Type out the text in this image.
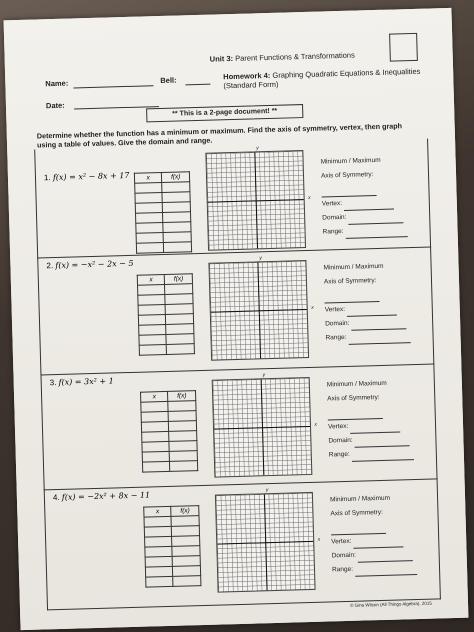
Unit 3: Parent Functions & Transformations
Name:	Bell:
Date:
Homework 4: Graphing Quadratic Equations & Inequalities (Standard Form)
** This is a 2-page document! **
Determine whether the function has a minimum or maximum. Find the axis of symmetry, vertex, then graph using a table of values. Give the domain and range.
1. f(x) = x² − 8x + 17	x	f(x)

x
y
Minimum / Maximum
Axis of Symmetry:
Vertex:
Domain:
Range:
2. f(x) = −x² − 2x − 5
x	f(x)

x
y
Minimum / Maximum
Axis of Symmetry:
Vertex:
Domain:
Range:
3. f(x) = 3x² + 1
x	f(x)

x
y
Minimum / Maximum
Axis of Symmetry:
Vertex:
Domain:
Range:
4. f(x) = −2x² + 8x − 11
x	f(x)

x
y
Minimum / Maximum
Axis of Symmetry:
Vertex:
Domain:
Range:
© Gina Wilson (All Things Algebra), 2015
